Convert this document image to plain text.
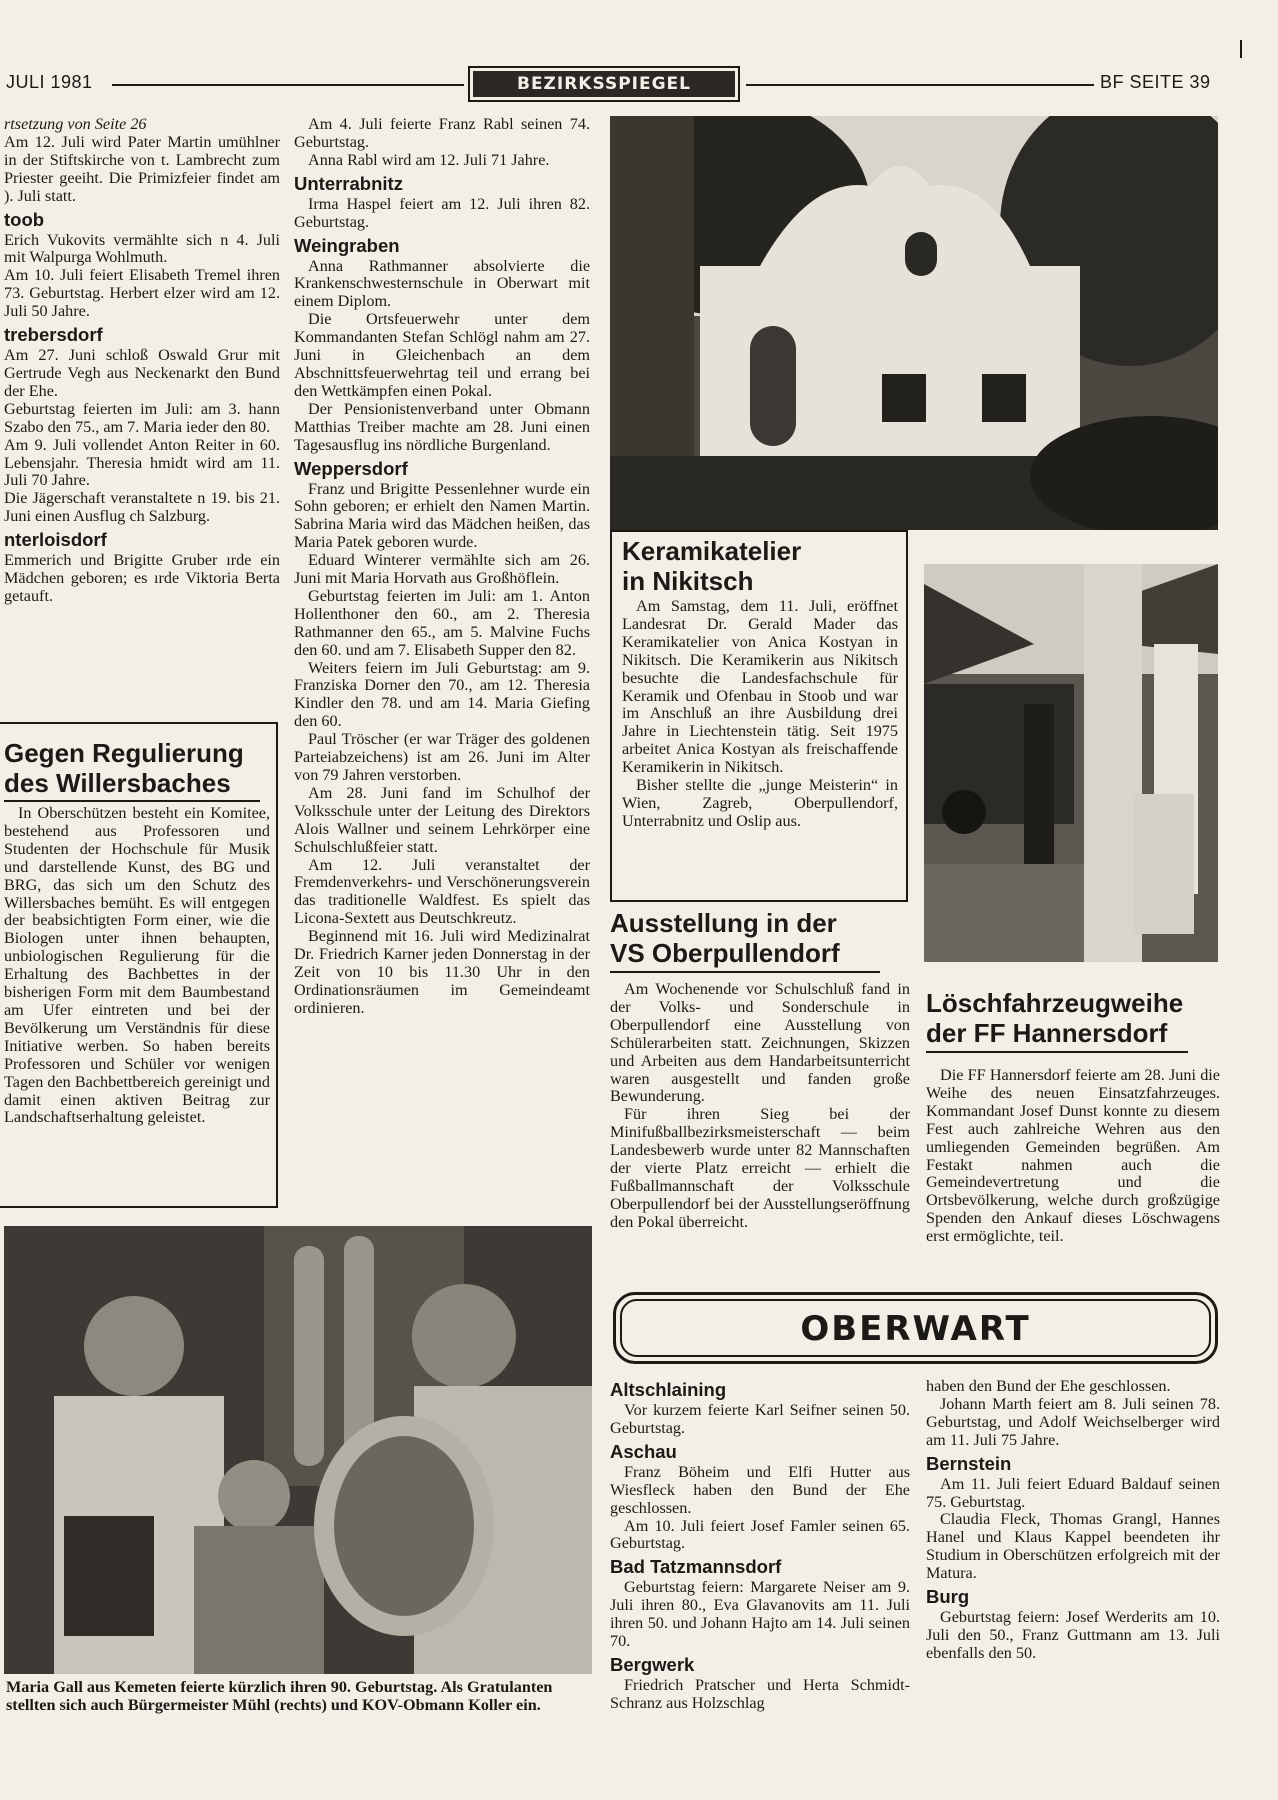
JULI 1981	BEZIRKSSPIEGEL	BF SEITE 39

rtsetzung von Seite 26

Am 12. Juli wird Pater Martin umühlner in der Stiftskirche von t. Lambrecht zum Priester geeiht. Die Primizfeier findet am ). Juli statt.

toob

Erich Vukovits vermählte sich n 4. Juli mit Walpurga Wohlmuth.

Am 10. Juli feiert Elisabeth Tremel ihren 73. Geburtstag. Herbert elzer wird am 12. Juli 50 Jahre.

trebersdorf

Am 27. Juni schloß Oswald Grur mit Gertrude Vegh aus Neckenarkt den Bund der Ehe.

Geburtstag feierten im Juli: am 3. hann Szabo den 75., am 7. Maria ieder den 80.

Am 9. Juli vollendet Anton Reiter in 60. Lebensjahr. Theresia hmidt wird am 11. Juli 70 Jahre.

Die Jägerschaft veranstaltete n 19. bis 21. Juni einen Ausflug ch Salzburg.

nterloisdorf

Emmerich und Brigitte Gruber ırde ein Mädchen geboren; es ırde Viktoria Berta getauft.

Gegen Regulierung
des Willersbaches

In Oberschützen besteht ein Komitee, bestehend aus Professoren und Studenten der Hochschule für Musik und darstellende Kunst, des BG und BRG, das sich um den Schutz des Willersbaches bemüht. Es will entgegen der beabsichtigten Form einer, wie die Biologen unter ihnen behaupten, unbiologischen Regulierung für die Erhaltung des Bachbettes in der bisherigen Form mit dem Baumbestand am Ufer eintreten und bei der Bevölkerung um Verständnis für diese Initiative werben. So haben bereits Professoren und Schüler vor wenigen Tagen den Bachbettbereich gereinigt und damit einen aktiven Beitrag zur Landschaftserhaltung geleistet.

Am 4. Juli feierte Franz Rabl seinen 74. Geburtstag.

Anna Rabl wird am 12. Juli 71 Jahre.

Unterrabnitz

Irma Haspel feiert am 12. Juli ihren 82. Geburtstag.

Weingraben

Anna Rathmanner absolvierte die Krankenschwesternschule in Oberwart mit einem Diplom.

Die Ortsfeuerwehr unter dem Kommandanten Stefan Schlögl nahm am 27. Juni in Gleichenbach an dem Abschnittsfeuerwehrtag teil und errang bei den Wettkämpfen einen Pokal.

Der Pensionistenverband unter Obmann Matthias Treiber machte am 28. Juni einen Tagesausflug ins nördliche Burgenland.

Weppersdorf

Franz und Brigitte Pessenlehner wurde ein Sohn geboren; er erhielt den Namen Martin. Sabrina Maria wird das Mädchen heißen, das Maria Patek geboren wurde.

Eduard Winterer vermählte sich am 26. Juni mit Maria Horvath aus Großhöflein.

Geburtstag feierten im Juli: am 1. Anton Hollenthoner den 60., am 2. Theresia Rathmanner den 65., am 5. Malvine Fuchs den 60. und am 7. Elisabeth Supper den 82.

Weiters feiern im Juli Geburtstag: am 9. Franziska Dorner den 70., am 12. Theresia Kindler den 78. und am 14. Maria Giefing den 60.

Paul Tröscher (er war Träger des goldenen Parteiabzeichens) ist am 26. Juni im Alter von 79 Jahren verstorben.

Am 28. Juni fand im Schulhof der Volksschule unter der Leitung des Direktors Alois Wallner und seinem Lehrkörper eine Schulschlußfeier statt.

Am 12. Juli veranstaltet der Fremdenverkehrs- und Verschönerungsverein das traditionelle Waldfest. Es spielt das Licona-Sextett aus Deutschkreutz.

Beginnend mit 16. Juli wird Medizinalrat Dr. Friedrich Karner jeden Donnerstag in der Zeit von 10 bis 11.30 Uhr in den Ordinationsräumen im Gemeindeamt ordinieren.

Keramikatelier
in Nikitsch

Am Samstag, dem 11. Juli, eröffnet Landesrat Dr. Gerald Mader das Keramikatelier von Anica Kostyan in Nikitsch. Die Keramikerin aus Nikitsch besuchte die Landesfachschule für Keramik und Ofenbau in Stoob und war im Anschluß an ihre Ausbildung drei Jahre in Liechtenstein tätig. Seit 1975 arbeitet Anica Kostyan als freischaffende Keramikerin in Nikitsch.

Bisher stellte die „junge Meisterin“ in Wien, Zagreb, Oberpullendorf, Unterrabnitz und Oslip aus.

Ausstellung in der
VS Oberpullendorf

Am Wochenende vor Schulschluß fand in der Volks- und Sonderschule in Oberpullendorf eine Ausstellung von Schülerarbeiten statt. Zeichnungen, Skizzen und Arbeiten aus dem Handarbeitsunterricht waren ausgestellt und fanden große Bewunderung.

Für ihren Sieg bei der Minifußballbezirksmeisterschaft — beim Landesbewerb wurde unter 82 Mannschaften der vierte Platz erreicht — erhielt die Fußballmannschaft der Volksschule Oberpullendorf bei der Ausstellungseröffnung den Pokal überreicht.

Löschfahrzeugweihe
der FF Hannersdorf

Die FF Hannersdorf feierte am 28. Juni die Weihe des neuen Einsatzfahrzeuges. Kommandant Josef Dunst konnte zu diesem Fest auch zahlreiche Wehren aus den umliegenden Gemeinden begrüßen. Am Festakt nahmen auch die Gemeindevertretung und die Ortsbevölkerung, welche durch großzügige Spenden den Ankauf dieses Löschwagens erst ermöglichte, teil.

Maria Gall aus Kemeten feierte kürzlich ihren 90. Geburtstag. Als Gratulanten stellten sich auch Bürgermeister Mühl (rechts) und KOV-Obmann Koller ein.
OBERWART
Altschlaining

Vor kurzem feierte Karl Seifner seinen 50. Geburtstag.

Aschau

Franz Böheim und Elfi Hutter aus Wiesfleck haben den Bund der Ehe geschlossen.

Am 10. Juli feiert Josef Famler seinen 65. Geburtstag.

Bad Tatzmannsdorf

Geburtstag feiern: Margarete Neiser am 9. Juli ihren 80., Eva Glavanovits am 11. Juli ihren 50. und Johann Hajto am 14. Juli seinen 70.

Bergwerk

Friedrich Pratscher und Herta Schmidt-Schranz aus Holzschlag

haben den Bund der Ehe geschlossen.

Johann Marth feiert am 8. Juli seinen 78. Geburtstag, und Adolf Weichselberger wird am 11. Juli 75 Jahre.

Bernstein

Am 11. Juli feiert Eduard Baldauf seinen 75. Geburtstag.

Claudia Fleck, Thomas Grangl, Hannes Hanel und Klaus Kappel beendeten ihr Studium in Oberschützen erfolgreich mit der Matura.

Burg

Geburtstag feiern: Josef Werderits am 10. Juli den 50., Franz Guttmann am 13. Juli ebenfalls den 50.
